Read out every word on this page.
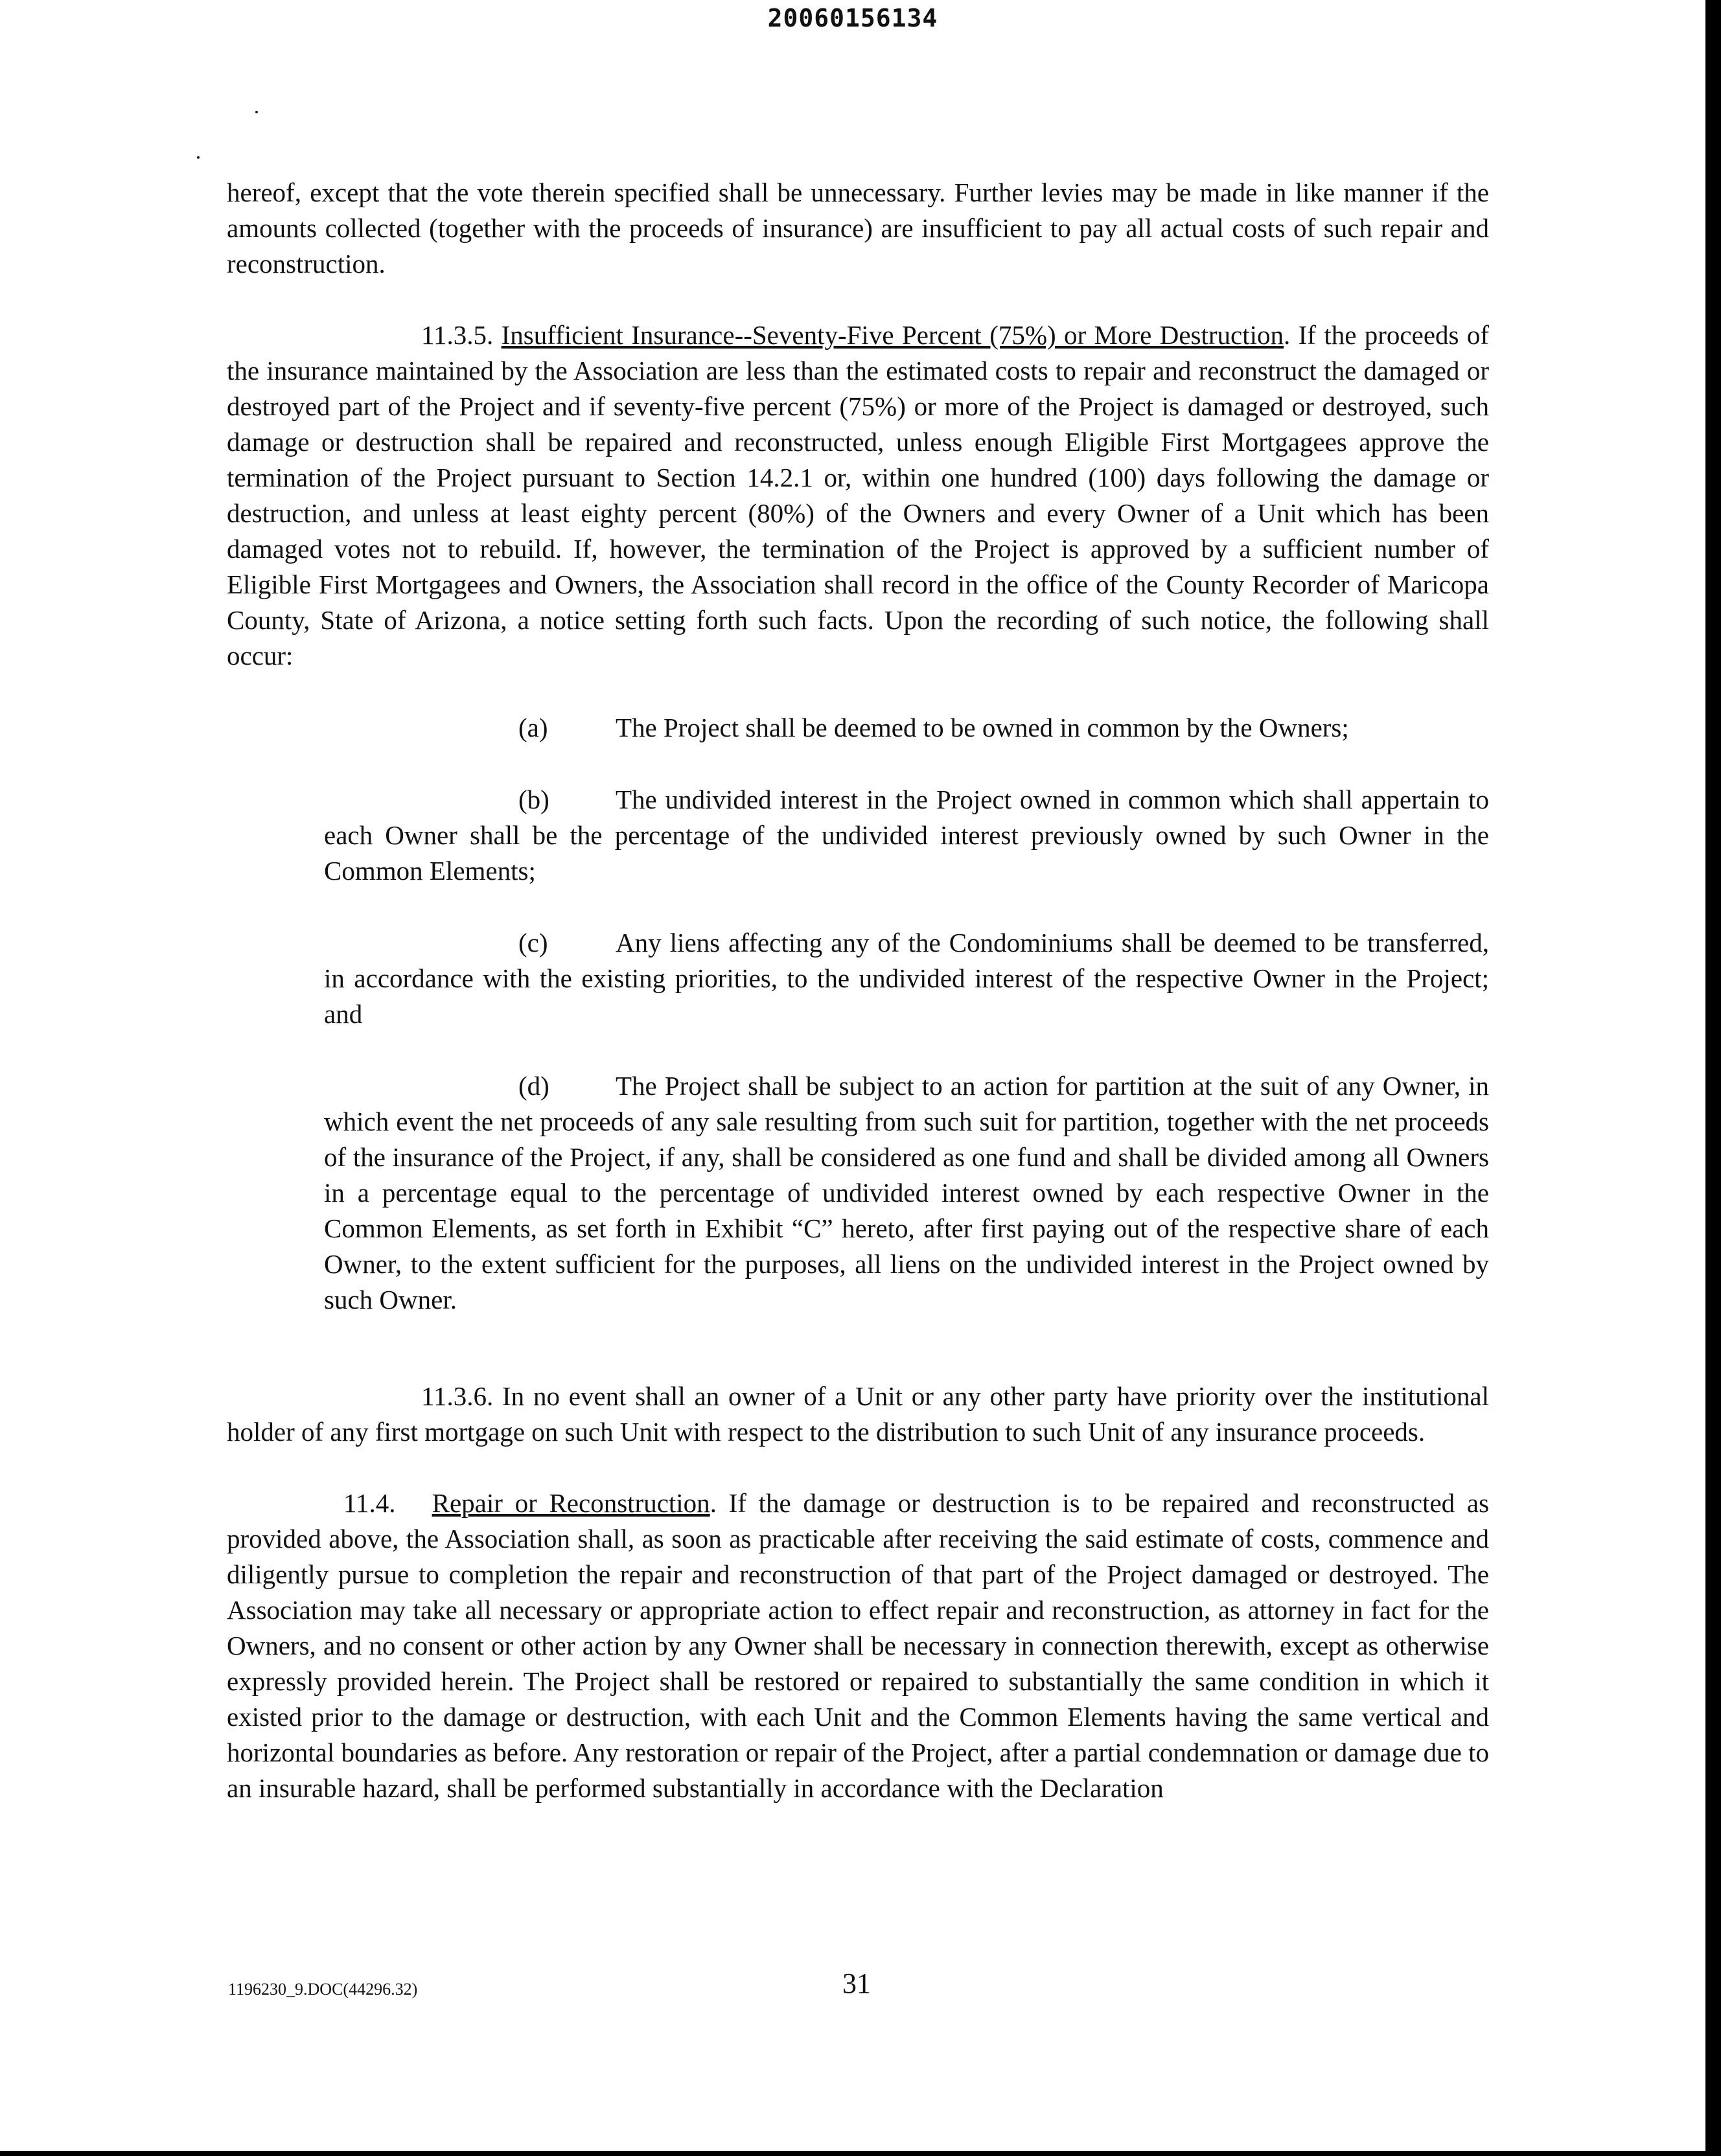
20060156134

hereof, except that the vote therein specified shall be unnecessary. Further levies may be made in like manner if the amounts collected (together with the proceeds of insurance) are insufficient to pay all actual costs of such repair and reconstruction.

11.3.5. Insufficient Insurance--Seventy-Five Percent (75%) or More Destruction. If the proceeds of the insurance maintained by the Association are less than the estimated costs to repair and reconstruct the damaged or destroyed part of the Project and if seventy-five percent (75%) or more of the Project is damaged or destroyed, such damage or destruction shall be repaired and reconstructed, unless enough Eligible First Mortgagees approve the termination of the Project pursuant to Section 14.2.1 or, within one hundred (100) days following the damage or destruction, and unless at least eighty percent (80%) of the Owners and every Owner of a Unit which has been damaged votes not to rebuild. If, however, the termination of the Project is approved by a sufficient number of Eligible First Mortgagees and Owners, the Association shall record in the office of the County Recorder of Maricopa County, State of Arizona, a notice setting forth such facts. Upon the recording of such notice, the following shall occur:

(a)	The Project shall be deemed to be owned in common by the Owners;

(b) The undivided interest in the Project owned in common which shall appertain to each Owner shall be the percentage of the undivided interest previously owned by such Owner in the Common Elements;

(c)	Any liens affecting any of the Condominiums shall be deemed to be transferred, in accordance with the existing priorities, to the undivided interest of the respective Owner in the Project; and

(d) The Project shall be subject to an action for partition at the suit of any Owner, in which event the net proceeds of any sale resulting from such suit for partition, together with the net proceeds of the insurance of the Project, if any, shall be considered as one fund and shall be divided among all Owners in a percentage equal to the percentage of undivided interest owned by each respective Owner in the Common Elements, as set forth in Exhibit “C” hereto, after first paying out of the respective share of each Owner, to the extent sufficient for the purposes, all liens on the undivided interest in the Project owned by such Owner.

11.3.6. In no event shall an owner of a Unit or any other party have priority over the institutional holder of any first mortgage on such Unit with respect to the distribution to such Unit of any insurance proceeds.

11.4. Repair or Reconstruction. If the damage or destruction is to be repaired and reconstructed as provided above, the Association shall, as soon as practicable after receiving the said estimate of costs, commence and diligently pursue to completion the repair and reconstruction of that part of the Project damaged or destroyed. The Association may take all necessary or appropriate action to effect repair and reconstruction, as attorney in fact for the Owners, and no consent or other action by any Owner shall be necessary in connection therewith, except as otherwise expressly provided herein. The Project shall be restored or repaired to substantially the same condition in which it existed prior to the damage or destruction, with each Unit and the Common Elements having the same vertical and horizontal boundaries as before. Any restoration or repair of the Project, after a partial condemnation or damage due to an insurable hazard, shall be performed substantially in accordance with the Declaration

1196230_9.DOC(44296.32)	31
